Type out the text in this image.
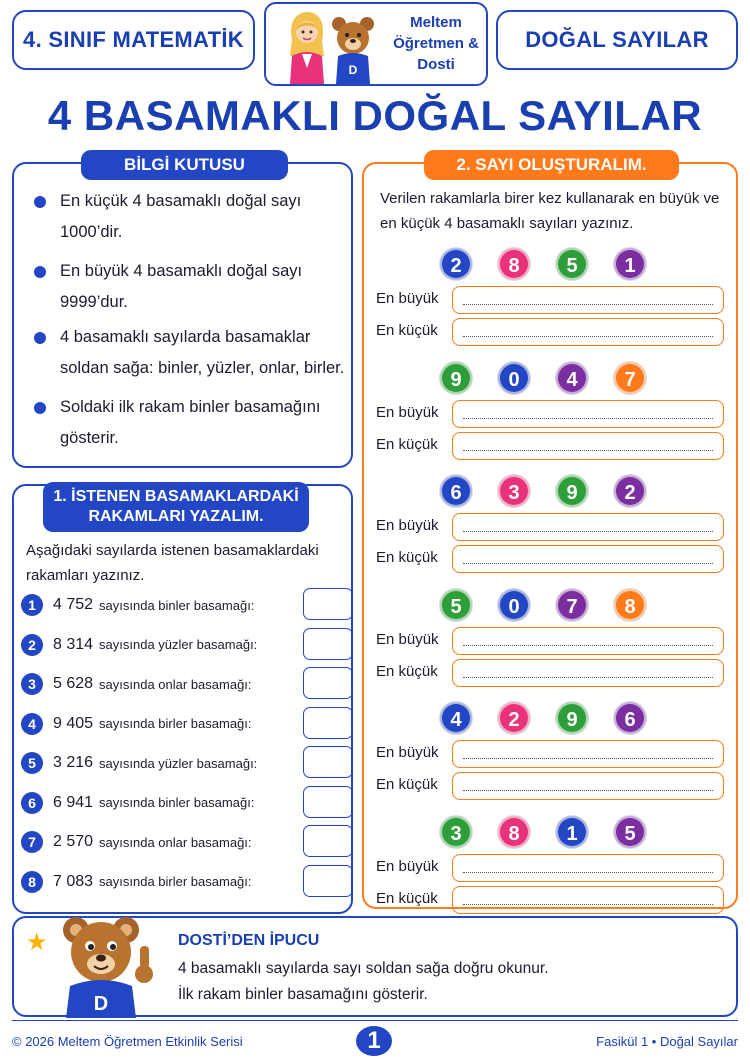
4. SINIF MATEMATİK
D
Meltem
Öğretmen &
Dosti
DOĞAL SAYILAR
4 BASAMAKLI DOĞAL SAYILAR
BİLGİ KUTUSU
En küçük 4 basamaklı doğal sayı 1000’dir.
En büyük 4 basamaklı doğal sayı 9999’dur.
4 basamaklı sayılarda basamaklar soldan sağa: binler, yüzler, onlar, birler.
Soldaki ilk rakam binler basamağını gösterir.
1. İSTENEN BASAMAKLARDAKİ
RAKAMLARI YAZALIM.
Aşağıdaki sayılarda istenen basamaklardaki rakamları yazınız.
1	4 752 sayısında binler basamağı:
2	8 314 sayısında yüzler basamağı:
3	5 628 sayısında onlar basamağı:
4	9 405 sayısında birler basamağı:
5	3 216 sayısında yüzler basamağı:
6	6 941 sayısında binler basamağı:
7	2 570 sayısında onlar basamağı:
8	7 083 sayısında birler basamağı:
2. SAYI OLUŞTURALIM.
Verilen rakamlarla birer kez kullanarak en büyük ve en küçük 4 basamaklı sayıları yazınız.
2	8	5	1
En büyük
En küçük
9	0	4	7
En büyük
En küçük
6	3	9	2
En büyük
En küçük
5	0	7	8
En büyük
En küçük
4	2	9	6
En büyük
En küçük
3	8	1	5
En büyük
En küçük
★
D
DOSTİ’DEN İPUCU
4 basamaklı sayılarda sayı soldan sağa doğru okunur.
İlk rakam binler basamağını gösterir.
© 2026 Meltem Öğretmen Etkinlik Serisi	1	Fasikül 1 • Doğal Sayılar
